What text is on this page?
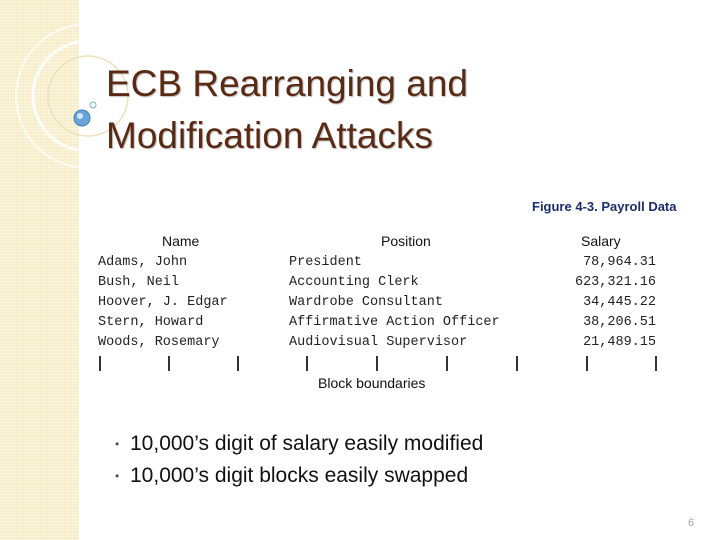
ECB Rearranging and
Modification Attacks
Figure 4-3. Payroll Data
Name	Position	Salary
Adams, John	President	78,964.31
Bush, Neil	Accounting Clerk	623,321.16
Hoover, J. Edgar	Wardrobe Consultant	34,445.22
Stern, Howard	Affirmative Action Officer	38,206.51
Woods, Rosemary	Audiovisual Supervisor	21,489.15
Block boundaries
• 10,000’s digit of salary easily modified
• 10,000’s digit blocks easily swapped
6
